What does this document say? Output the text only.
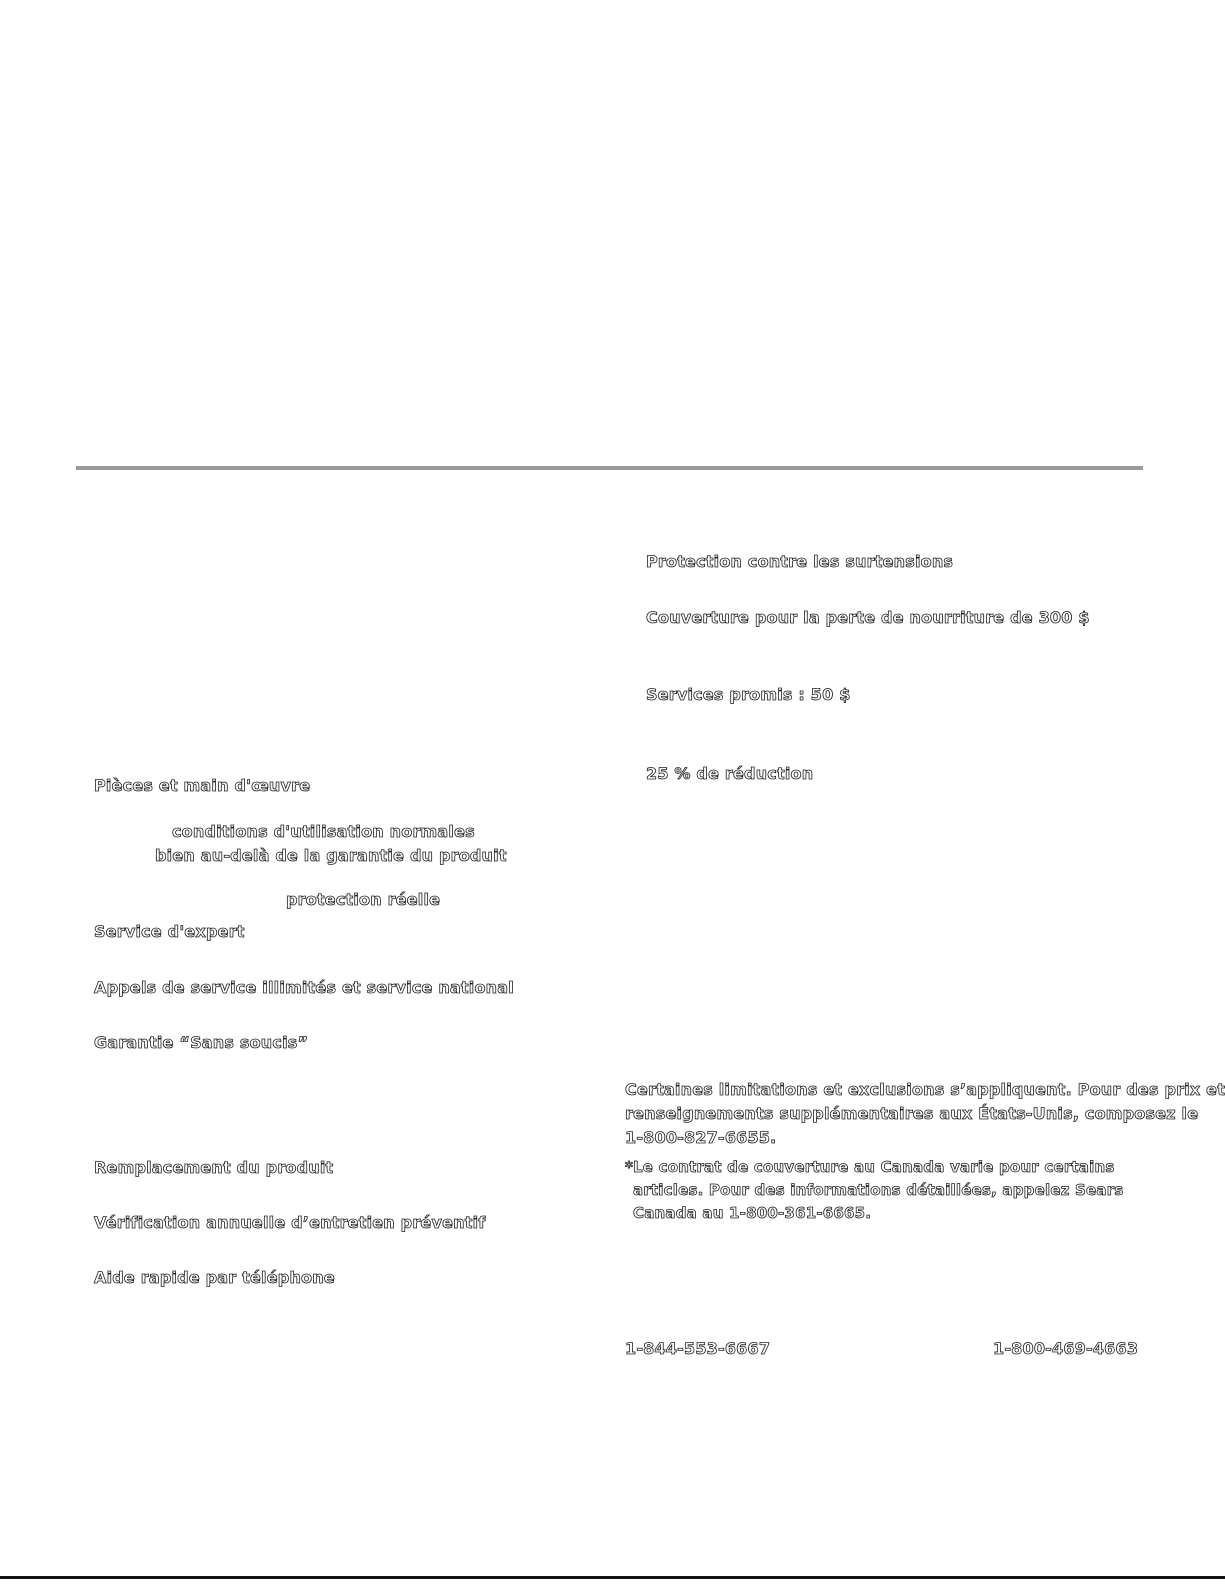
Pièces et main d'œuvre
conditions d'utilisation normales
bien au-delà de la garantie du produit
protection réelle
Service d'expert
Appels de service illimités et service national
Garantie “Sans soucis”
Remplacement du produit
Vérification annuelle d’entretien préventif
Aide rapide par téléphone
Protection contre les surtensions
Couverture pour la perte de nourriture de 300 $
Services promis : 50 $
25 % de réduction
Certaines limitations et exclusions s’appliquent. Pour des prix et
renseignements supplémentaires aux États-Unis, composez le
1-800-827-6655.
*Le contrat de couverture au Canada varie pour certains
articles. Pour des informations détaillées, appelez Sears
Canada au 1-800-361-6665.
1-844-553-6667	1-800-469-4663
